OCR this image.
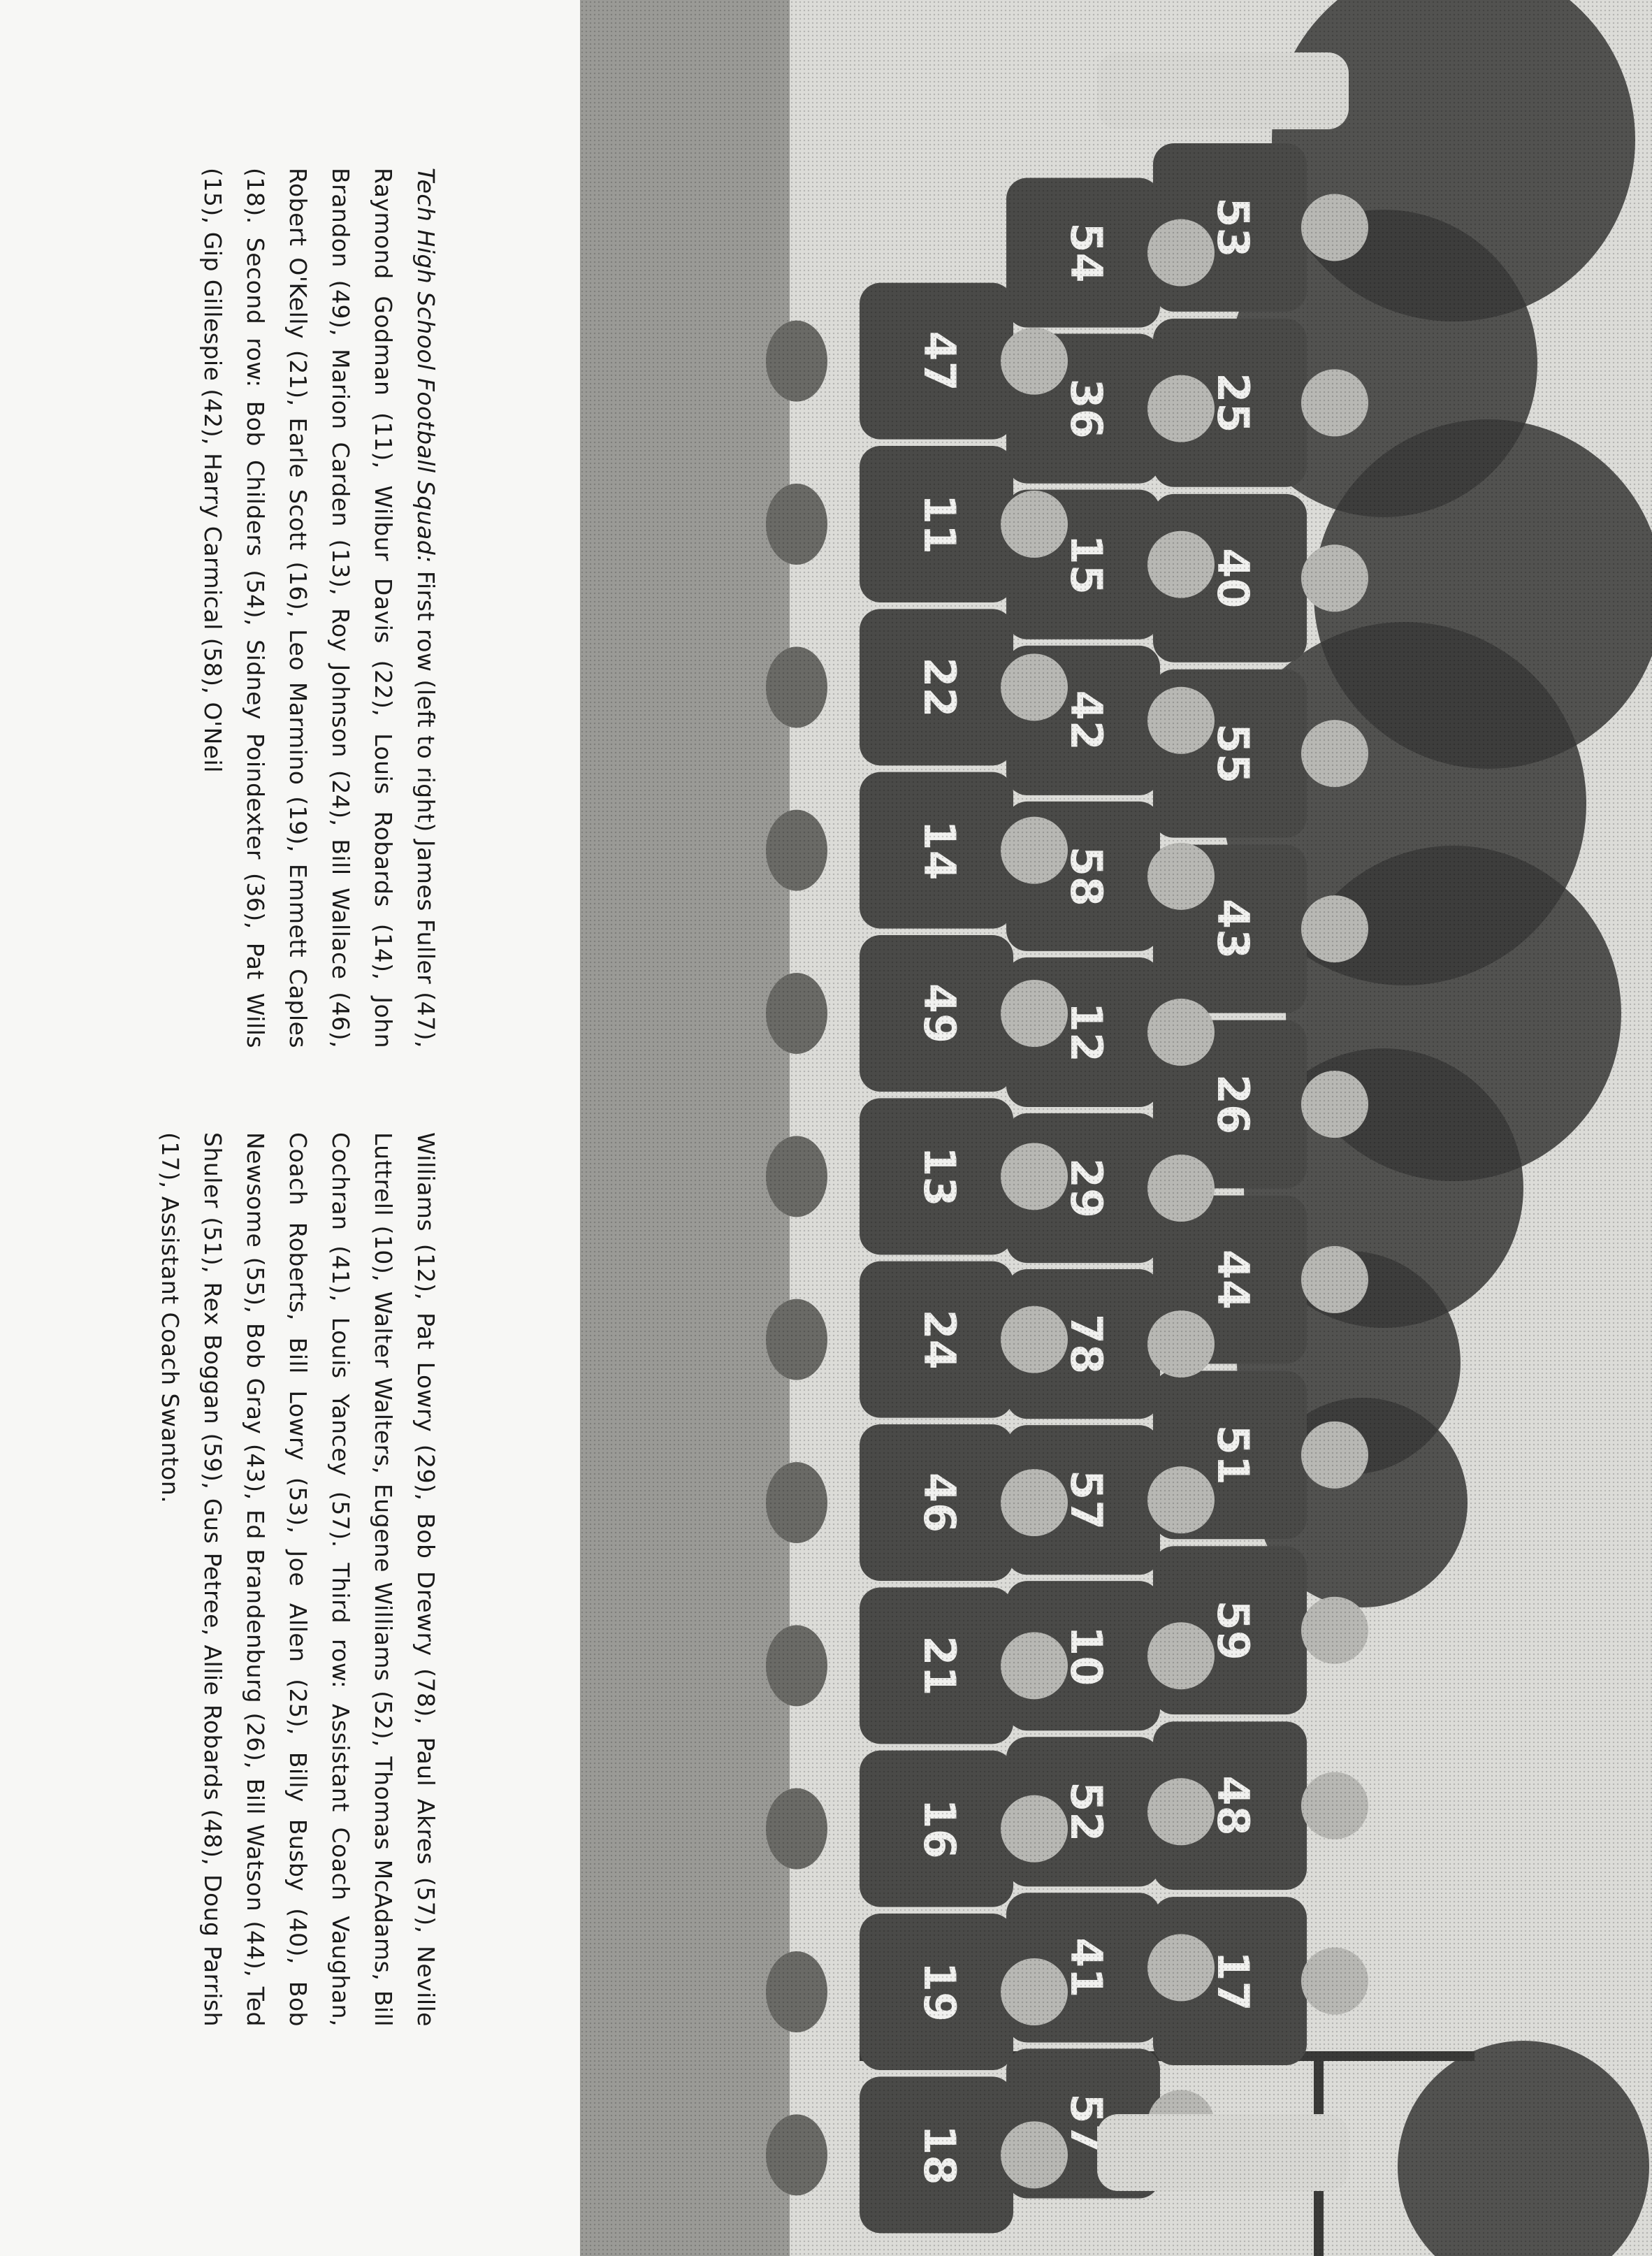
Tech High School Football Squad: First row (left to right) James Fuller (47), Raymond Godman (11), Wilbur Davis (22), Louis Robards (14), John Brandon (49), Marion Carden (13), Roy Johnson (24), Bill Wallace (46), Robert O'Kelly (21), Earle Scott (16), Leo Marmino (19), Emmett Caples (18). Second row: Bob Childers (54), Sidney Poindexter (36), Pat Wills (15), Gip Gillespie (42), Harry Carmical (58), O'Neil
Williams (12), Pat Lowry (29), Bob Drewry (78), Paul Akres (57), Neville Luttrell (10), Walter Walters, Eugene Williams (52), Thomas McAdams, Bill Cochran (41), Louis Yancey (57). Third row: Assistant Coach Vaughan, Coach Roberts, Bill Lowry (53), Joe Allen (25), Billy Busby (40), Bob Newsome (55), Bob Gray (43), Ed Brandenburg (26), Bill Watson (44), Ted Shuler (51), Rex Boggan (59), Gus Petree, Allie Robards (48), Doug Parrish (17), Assistant Coach Swanton.
